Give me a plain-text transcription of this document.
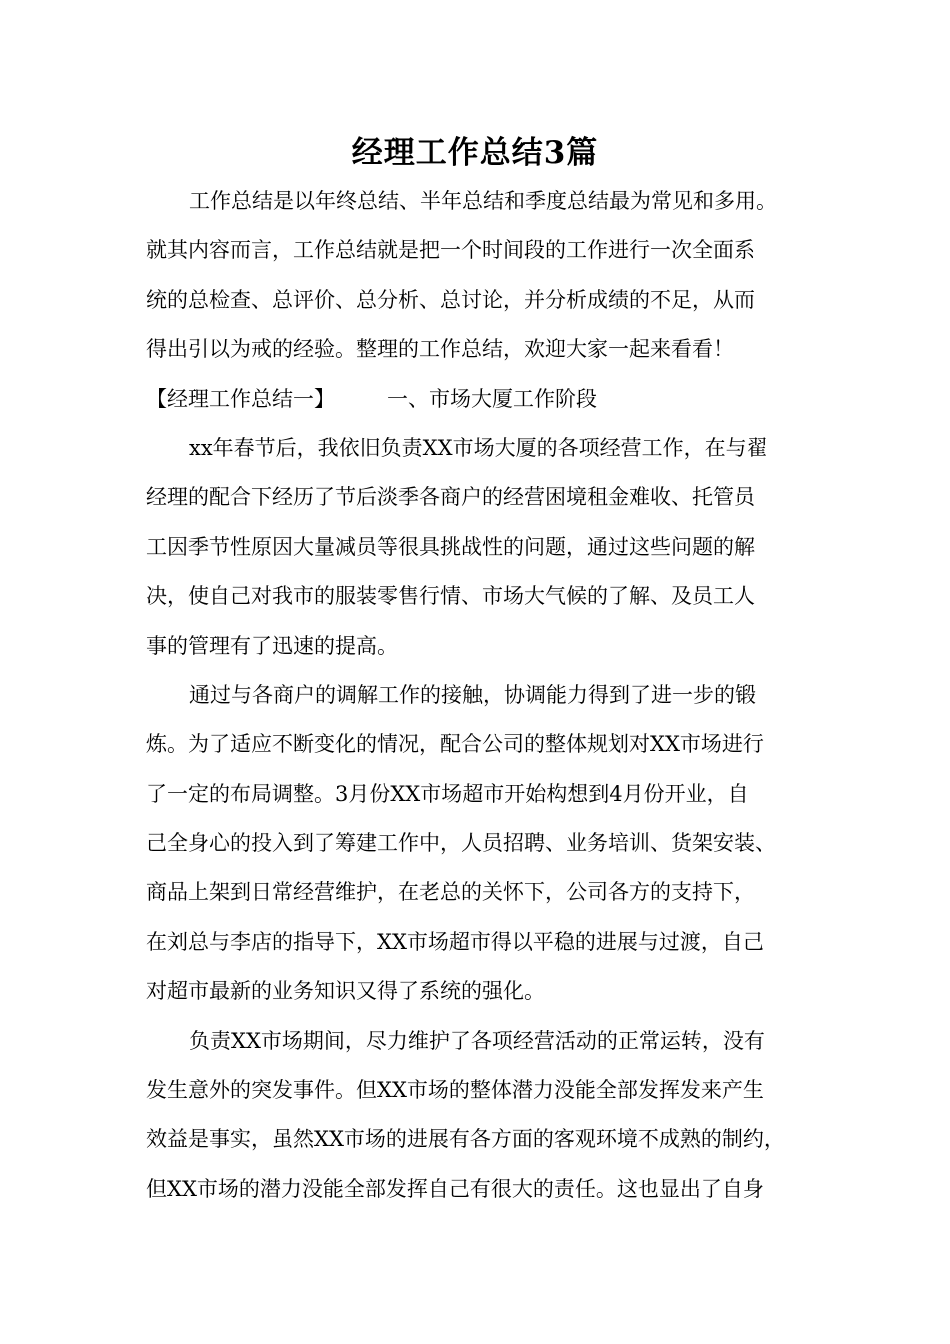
经理工作总结3篇

工作总结是以年终总结、半年总结和季度总结最为常见和多用。
就其内容而言，工作总结就是把一个时间段的工作进行一次全面系
统的总检查、总评价、总分析、总讨论，并分析成绩的不足，从而
得出引以为戒的经验。整理的工作总结，欢迎大家一起来看看！

【经理工作总结一】 一、市场大厦工作阶段

xx年春节后，我依旧负责XX市场大厦的各项经营工作，在与翟
经理的配合下经历了节后淡季各商户的经营困境租金难收、托管员
工因季节性原因大量减员等很具挑战性的问题，通过这些问题的解
决，使自己对我市的服装零售行情、市场大气候的了解、及员工人
事的管理有了迅速的提高。

通过与各商户的调解工作的接触，协调能力得到了进一步的锻
炼。为了适应不断变化的情况，配合公司的整体规划对XX市场进行
了一定的布局调整。3月份XX市场超市开始构想到4月份开业，自
己全身心的投入到了筹建工作中，人员招聘、业务培训、货架安装、
商品上架到日常经营维护，在老总的关怀下，公司各方的支持下，
在刘总与李店的指导下，XX市场超市得以平稳的进展与过渡，自己
对超市最新的业务知识又得了系统的强化。

负责XX市场期间，尽力维护了各项经营活动的正常运转，没有
发生意外的突发事件。但XX市场的整体潜力没能全部发挥发来产生
效益是事实，虽然XX市场的进展有各方面的客观环境不成熟的制约，
但XX市场的潜力没能全部发挥自己有很大的责任。这也显出了自身
